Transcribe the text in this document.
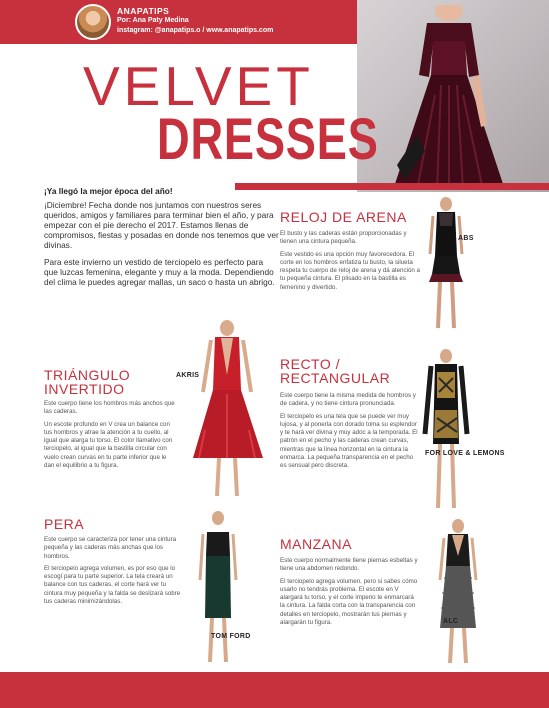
ANAPATIPS
Por: Ana Paty Medina
instagram: @anapatips.o / www.anapatips.com
VELVET
DRESSES

¡Ya llegó la mejor época del año!

¡Diciembre! Fecha donde nos juntamos con nuestros seres queridos, amigos y familiares para terminar bien el año, y para empezar con el pie derecho el 2017. Estamos llenas de compromisos, fiestas y posadas en donde nos tenemos que ver divinas.

Para este invierno un vestido de terciopelo es perfecto para que luzcas femenina, elegante y muy a la moda. Dependiendo del clima le puedes agregar mallas, un saco o hasta un abrigo.

RELOJ DE ARENA

El busto y las caderas están proporcionadas y tienen una cintura pequeña.

Este vestido es una opción muy favorecedora. El corte en los hombros enfatiza tu busto, la silueta respeta tu cuerpo de reloj de arena y dá atención a tu pequeña cintura. El plisado en la bastilla es femenino y divertido.

ABS
TRIÁNGULO INVERTIDO

Este cuerpo tiene los hombros más anchos que las caderas.

Un escote profundo en V crea un balance con tus hombros y atrae la atención a tu cuello, al igual que alarga tu torso. El color llamativo con terciopelo, al igual que la bastilla circular con vuelo crean curvas en tu parte inferior que le dan el equilibrio a tu figura.

AKRIS
RECTO / RECTANGULAR

Este cuerpo tiene la misma medida de hombros y de cadera, y no tiene cintura pronunciada.

El terciopelo es una tela que se puede ver muy lujosa, y al ponerla con dorado toma su esplendor y te hará ver divina y muy adoc a la temporada. El patrón en el pecho y las caderas crean curvas, mientras que la línea horizontal en la cintura la enmarca. La pequeña transparencia en el pecho es sensual pero discreta.

FOR LOVE & LEMONS
PERA

Este cuerpo se caracteriza por tener una cintura pequeña y las caderas más anchas que los hombros.

El terciopelo agrega volumen, es por eso que lo escogí para tu parte superior. La tela creará un balance con tus caderas, el corte hará ver tu cintura muy pequeña y la falda se deslizará sobre tus caderas minimizándolas.

TOM FORD
MANZANA

Este cuerpo normalmente tiene piernas esbeltas y tiene una abdomen redondo.

El terciopelo agrega volumen, pero si sabes cómo usarlo no tendrás problema. El escote en V alargará tu torso, y el corte imperio te enmarcará la cintura. La falda corta con la transparencia con detalles en terciopelo, mostrarán tus piernas y alargarán tu figura.	ALC
